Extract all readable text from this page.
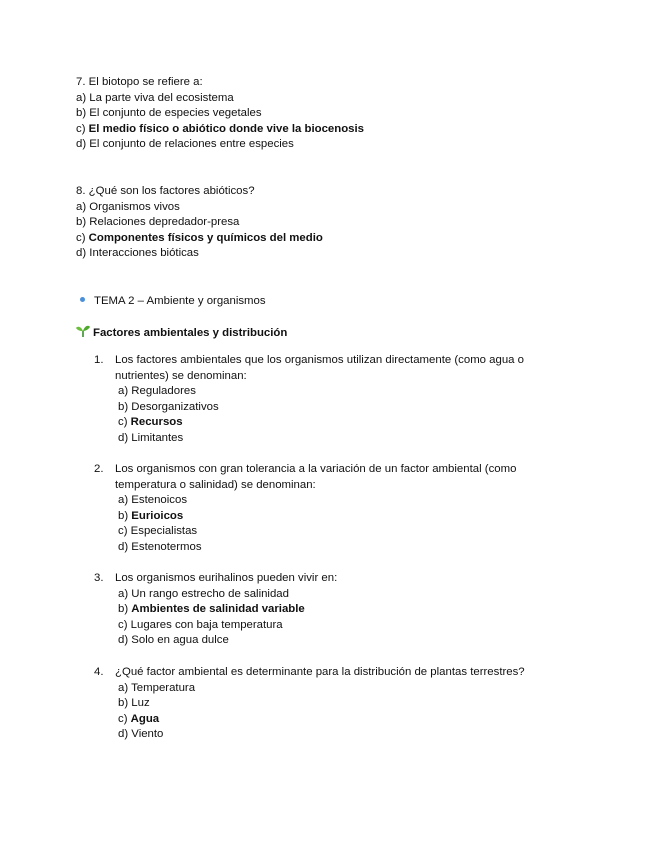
7. El biotopo se refiere a:
a) La parte viva del ecosistema
b) El conjunto de especies vegetales
c) El medio físico o abiótico donde vive la biocenosis
d) El conjunto de relaciones entre especies
8. ¿Qué son los factores abióticos?
a) Organismos vivos
b) Relaciones depredador-presa
c) Componentes físicos y químicos del medio
d) Interacciones bióticas
TEMA 2 – Ambiente y organismos
Factores ambientales y distribución
1. Los factores ambientales que los organismos utilizan directamente (como agua o nutrientes) se denominan:
a) Reguladores
b) Desorganizativos
c) Recursos
d) Limitantes
2. Los organismos con gran tolerancia a la variación de un factor ambiental (como temperatura o salinidad) se denominan:
a) Estenoicos
b) Eurioicos
c) Especialistas
d) Estenotermos
3. Los organismos eurihalinos pueden vivir en:
a) Un rango estrecho de salinidad
b) Ambientes de salinidad variable
c) Lugares con baja temperatura
d) Solo en agua dulce
4. ¿Qué factor ambiental es determinante para la distribución de plantas terrestres?
a) Temperatura
b) Luz
c) Agua
d) Viento
